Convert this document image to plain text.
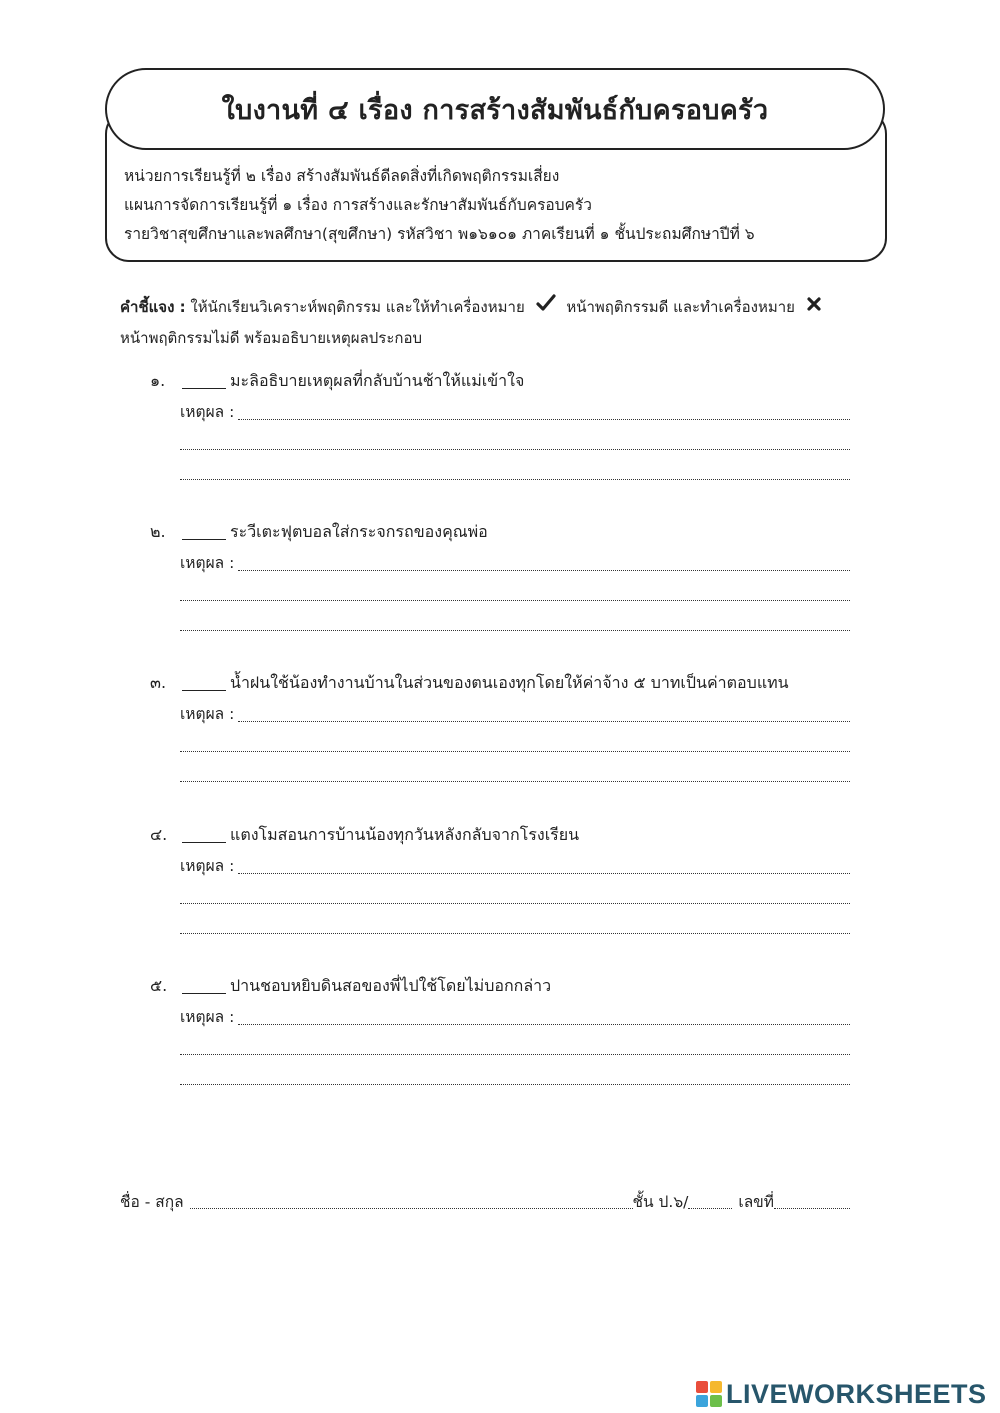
ใบงานที่ ๔ เรื่อง การสร้างสัมพันธ์กับครอบครัว
หน่วยการเรียนรู้ที่ ๒ เรื่อง สร้างสัมพันธ์ดีลดสิ่งที่เกิดพฤติกรรมเสี่ยง
แผนการจัดการเรียนรู้ที่ ๑ เรื่อง การสร้างและรักษาสัมพันธ์กับครอบครัว
รายวิชาสุขศึกษาและพลศึกษา(สุขศึกษา) รหัสวิชา พ๑๖๑๐๑ ภาคเรียนที่ ๑ ชั้นประถมศึกษาปีที่ ๖
คำชี้แจง : ให้นักเรียนวิเคราะห์พฤติกรรม และให้ทำเครื่องหมาย	หน้าพฤติกรรมดี และทำเครื่องหมาย
หน้าพฤติกรรมไม่ดี พร้อมอธิบายเหตุผลประกอบ
๑.	มะลิอธิบายเหตุผลที่กลับบ้านช้าให้แม่เข้าใจ
เหตุผล :
๒.	ระวีเตะฟุตบอลใส่กระจกรถของคุณพ่อ
เหตุผล :
๓.	น้ำฝนใช้น้องทำงานบ้านในส่วนของตนเองทุกโดยให้ค่าจ้าง ๕ บาทเป็นค่าตอบแทน
เหตุผล :
๔.	แตงโมสอนการบ้านน้องทุกวันหลังกลับจากโรงเรียน
เหตุผล :
๕.	ปานชอบหยิบดินสอของพี่ไปใช้โดยไม่บอกกล่าว
เหตุผล :
ชื่อ - สกุล	ชั้น ป.๖/	เลขที่
LIVEWORKSHEETS
